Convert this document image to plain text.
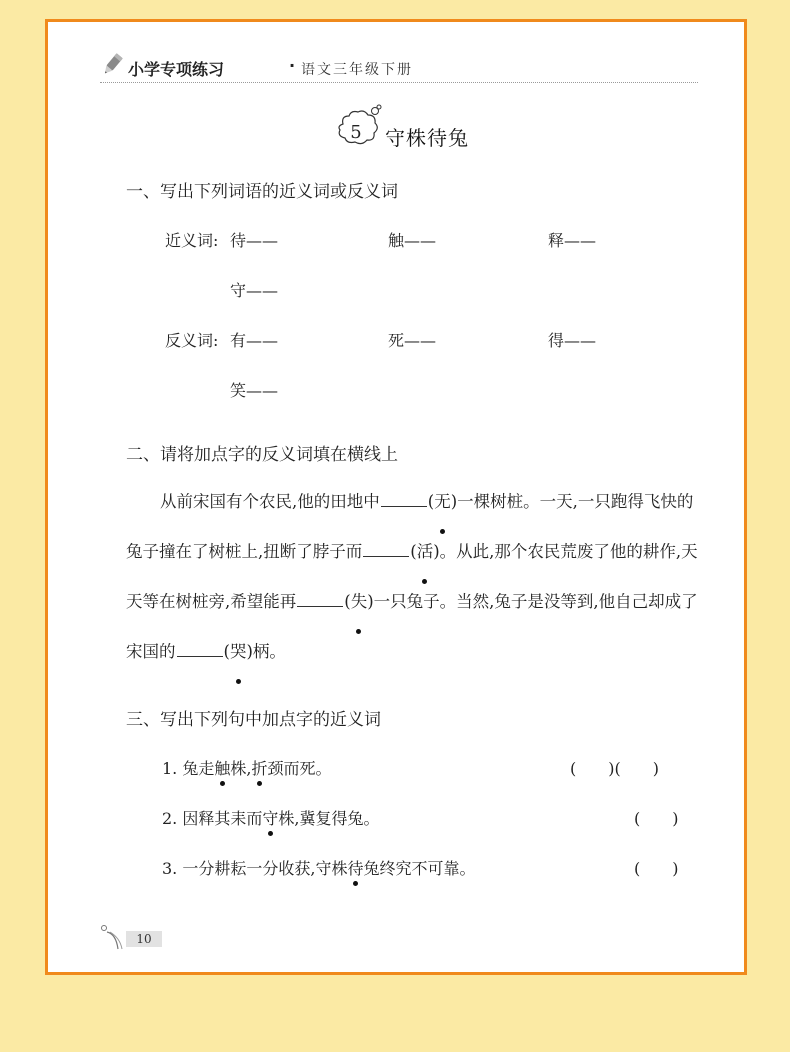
小学专项练习	· 语文三年级下册
5	守株待兔
一、写出下列词语的近义词或反义词
近义词: 待——	触——	释——
守——
反义词: 有——	死——	得——
笑——
二、请将加点字的反义词填在横线上
从前宋国有个农民,他的田地中	(无)一棵树桩。一天,一只跑得飞快的兔子撞在了树桩上,扭断了脖子而	(活)。从此,那个农民荒废了他的耕作,天天等在树桩旁,希望能再	(失)一只兔子。当然,兔子是没等到,他自己却成了宋国的	(哭)柄。
三、写出下列句中加点字的近义词
1. 兔走触株,折颈而死。	(　　)(　　)
2. 因释其耒而守株,冀复得兔。	(　　)
3. 一分耕耘一分收获,守株待兔终究不可靠。	(　　)
10
